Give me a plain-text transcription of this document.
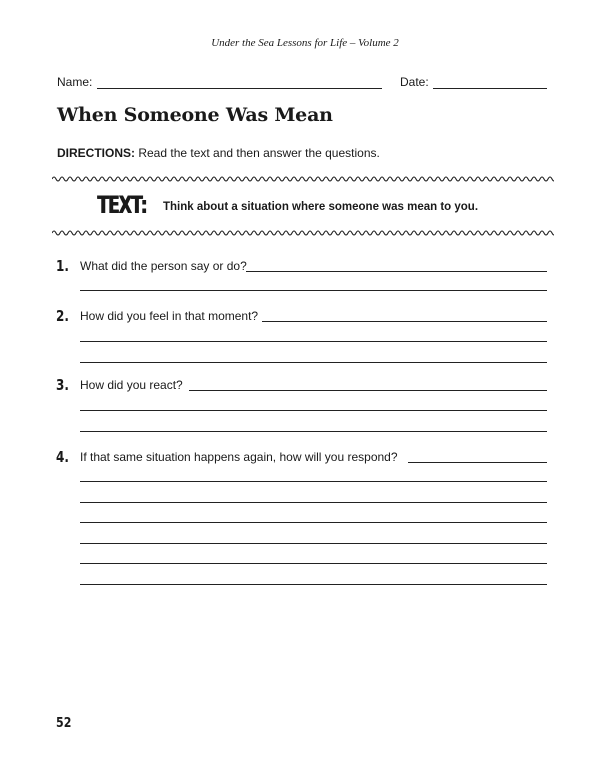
Under the Sea Lessons for Life – Volume 2
Name:	Date:
When Someone Was Mean
DIRECTIONS: Read the text and then answer the questions.
TEXT: Think about a situation where someone was mean to you.
1. What did the person say or do?
2. How did you feel in that moment?
3. How did you react?
4. If that same situation happens again, how will you respond?
52
